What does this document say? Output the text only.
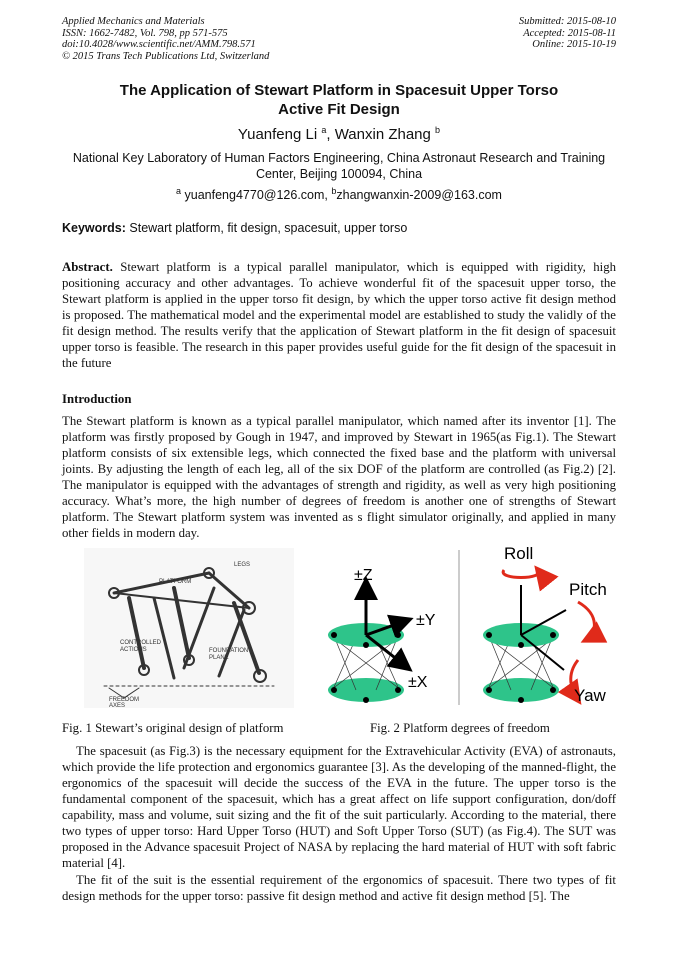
Applied Mechanics and Materials
ISSN: 1662-7482, Vol. 798, pp 571-575
doi:10.4028/www.scientific.net/AMM.798.571
© 2015 Trans Tech Publications Ltd, Switzerland
Submitted: 2015-08-10
Accepted: 2015-08-11
Online: 2015-10-19
The Application of Stewart Platform in Spacesuit Upper Torso
Active Fit Design
Yuanfeng Li $^a$, Wanxin Zhang $^b$
National Key Laboratory of Human Factors Engineering, China Astronaut Research and Training Center, Beijing 100094, China
$^a$ yuanfeng4770@126.com, $^b$zhangwanxin-2009@163.com
Keywords: Stewart platform, fit design, spacesuit, upper torso
Abstract. Stewart platform is a typical parallel manipulator, which is equipped with rigidity, high positioning accuracy and other advantages. To achieve wonderful fit of the spacesuit upper torso, the Stewart platform is applied in the upper torso fit design, by which the upper torso active fit design method is proposed. The mathematical model and the experimental model are established to study the validly of the fit design method. The results verify that the application of Stewart platform in the fit design of spacesuit upper torso is feasible. The research in this paper provides useful guide for the fit design of the spacesuit in the future
Introduction
The Stewart platform is known as a typical parallel manipulator, which named after its inventor [1]. The platform was firstly proposed by Gough in 1947, and improved by Stewart in 1965(as Fig.1). The Stewart platform consists of six extensible legs, which connected the fixed base and the platform with universal joints. By adjusting the length of each leg, all of the six DOF of the platform are controlled (as Fig.2) [2]. The manipulator is equipped with the advantages of strength and rigidity, as well as very high positioning accuracy. What’s more, the high number of degrees of freedom is another one of strengths of Stewart platform. The Stewart platform system was invented as s flight simulator originally, and applied in many other fields in modern day.
PLATFORM
LEGS
CONTROLLED
ACTIONS	FOUNDATION
PLANE
FREEDOM
AXES
±Z
±Y
±X
Roll
Pitch
Yaw
Fig. 1 Stewart’s original design of platform	Fig. 2 Platform degrees of freedom
The spacesuit (as Fig.3) is the necessary equipment for the Extravehicular Activity (EVA) of astronauts, which provide the life protection and ergonomics guarantee [3]. As the developing of the manned-flight, the ergonomics of the spacesuit will decide the success of the EVA in the future. The upper torso is the fundamental component of the spacesuit, which has a great affect on life support configuration, don/doff capability, mass and volume, suit sizing and the fit of the suit particularly. According to the material, there two types of upper torso: Hard Upper Torso (HUT) and Soft Upper Torso (SUT) (as Fig.4). The SUT was proposed in the Advance spacesuit Project of NASA by replacing the hard material of HUT with soft fabric material [4].
The fit of the suit is the essential requirement of the ergonomics of spacesuit. There two types of fit design methods for the upper torso: passive fit design method and active fit design method [5]. The
